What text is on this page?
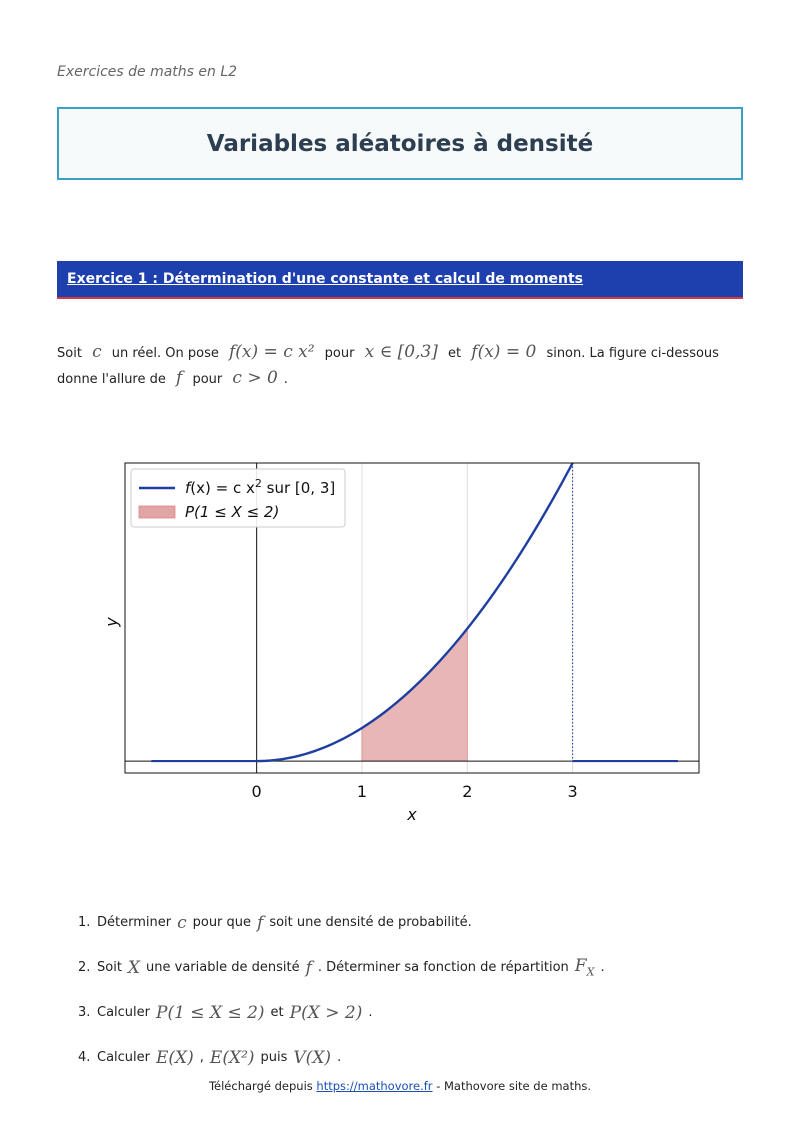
Exercices de maths en L2
Variables aléatoires à densité
Exercice 1 : Détermination d'une constante et calcul de moments
Soit c un réel. On pose f(x) = c x² pour x ∈ [0,3] et f(x) = 0 sinon. La figure ci-dessous
donne l'allure de f pour c > 0 .
0	1	2	3
x
y
f(x) = c $x^2$ sur [0, 3]
P(1 ≤ X ≤ 2)
1. Déterminer c pour que f soit une densité de probabilité.
2. Soit X une variable de densité f . Déterminer sa fonction de répartition $F_X$ .
3. Calculer P(1 ≤ X ≤ 2) et P(X > 2) .
4. Calculer E(X) , E(X²) puis V(X) .
Téléchargé depuis https://mathovore.fr - Mathovore site de maths.
